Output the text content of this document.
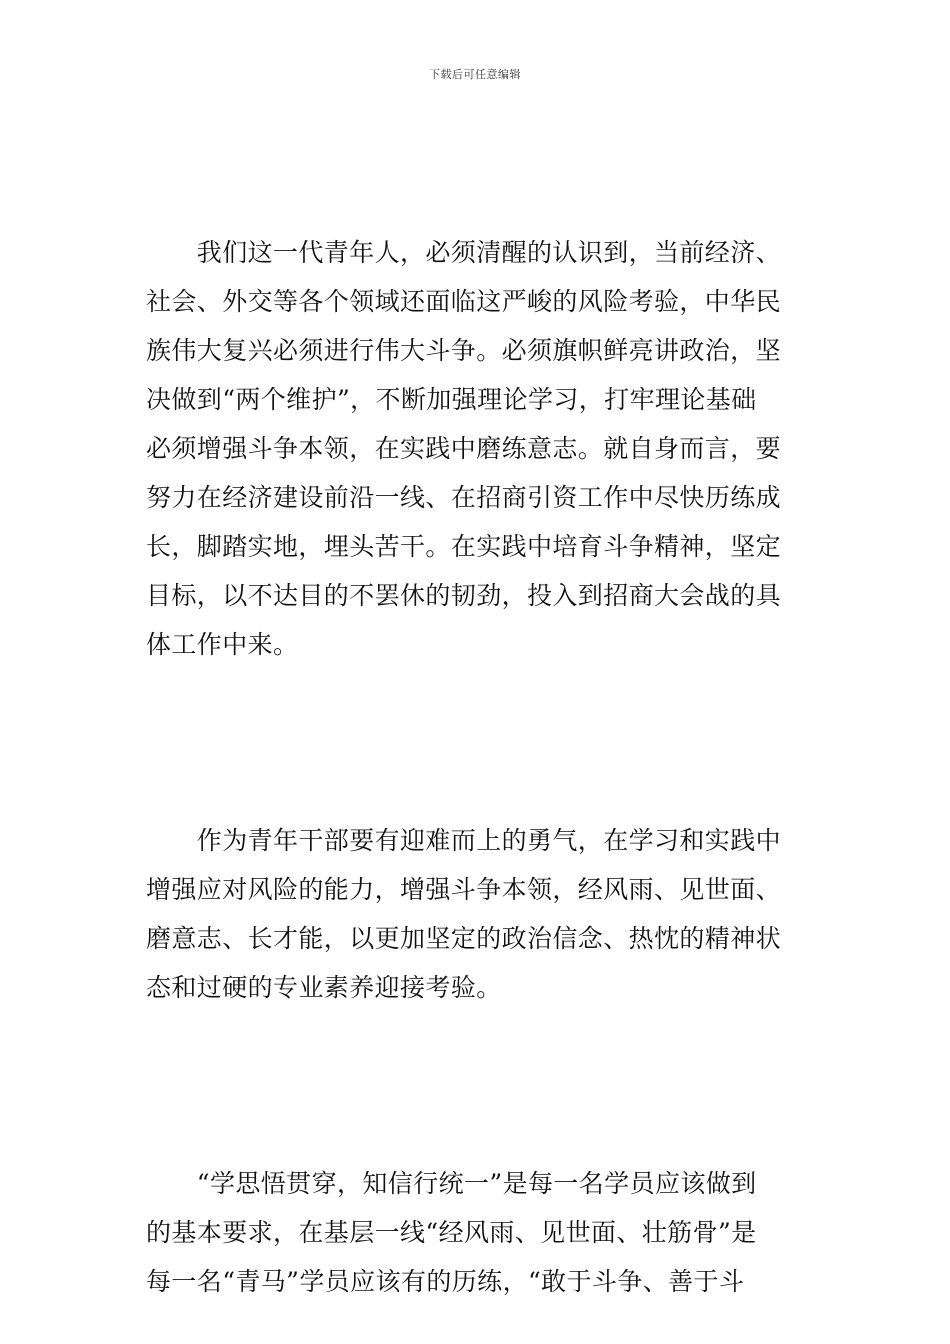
下载后可任意编辑

　　我们这一代青年人，必须清醒的认识到，当前经济、
社会、外交等各个领域还面临这严峻的风险考验，中华民
族伟大复兴必须进行伟大斗争。必须旗帜鲜亮讲政治，坚
决做到“两个维护”，不断加强理论学习，打牢理论基础
必须增强斗争本领，在实践中磨练意志。就自身而言，要
努力在经济建设前沿一线、在招商引资工作中尽快历练成
长，脚踏实地，埋头苦干。在实践中培育斗争精神，坚定
目标，以不达目的不罢休的韧劲，投入到招商大会战的具
体工作中来。

　　作为青年干部要有迎难而上的勇气，在学习和实践中
增强应对风险的能力，增强斗争本领，经风雨、见世面、
磨意志、长才能，以更加坚定的政治信念、热忱的精神状
态和过硬的专业素养迎接考验。

　　“学思悟贯穿，知信行统一”是每一名学员应该做到
的基本要求，在基层一线“经风雨、见世面、壮筋骨”是
每一名“青马”学员应该有的历练，“敢于斗争、善于斗
